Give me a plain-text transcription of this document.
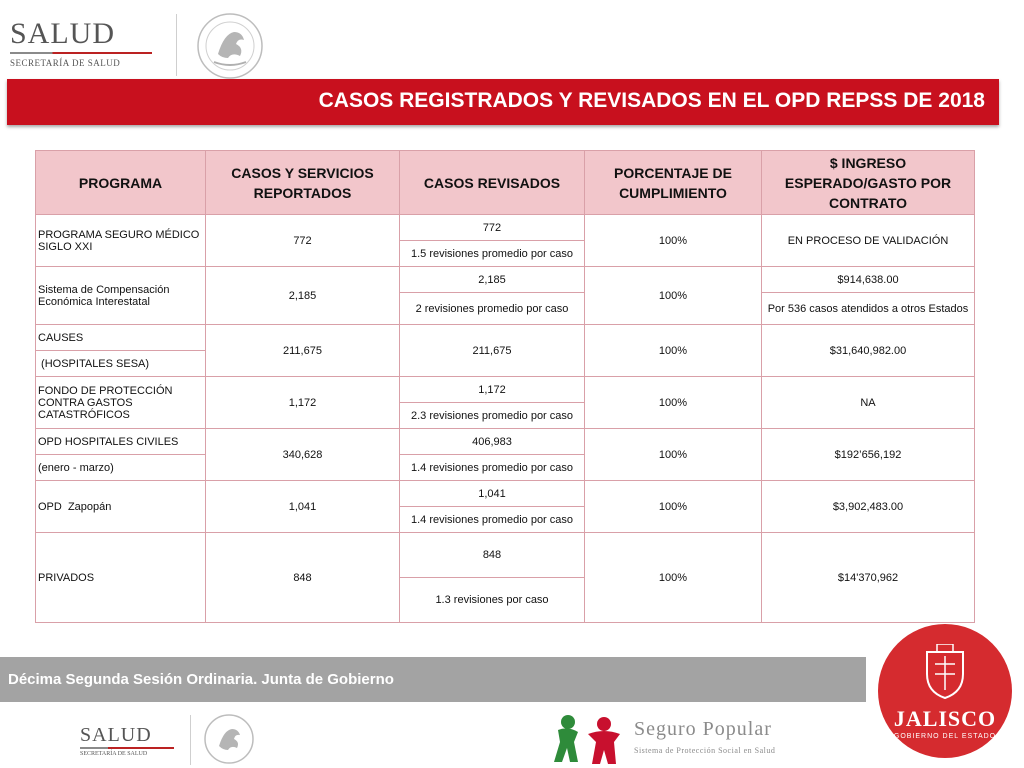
SALUD
SECRETARÍA DE SALUD
CASOS REGISTRADOS Y REVISADOS EN EL OPD REPSS DE 2018
PROGRAMA	CASOS Y SERVICIOS REPORTADOS	CASOS REVISADOS	PORCENTAJE DE CUMPLIMIENTO	$ INGRESO ESPERADO/GASTO POR CONTRATO
PROGRAMA SEGURO MÉDICO SIGLO XXI	772	772	100%	EN PROCESO DE VALIDACIÓN
		1.5 revisiones promedio por caso		
Sistema de Compensación Económica Interestatal	2,185	2,185	100%	$914,638.00
		2 revisiones promedio por caso		Por 536 casos atendidos a otros Estados
CAUSES	211,675	211,675	100%	$31,640,982.00
(HOSPITALES SESA)				
FONDO DE PROTECCIÓN CONTRA GASTOS CATASTRÓFICOS	1,172	1,172	100%	NA
		2.3 revisiones promedio por caso		
OPD HOSPITALES CIVILES	340,628	406,983	100%	$192’656,192
(enero - marzo)		1.4 revisiones promedio por caso		
OPD  Zapopán	1,041	1,041	100%	$3,902,483.00
		1.4 revisiones promedio por caso		
PRIVADOS	848	848	100%	$14'370,962
		1.3 revisiones por caso		
Décima Segunda Sesión Ordinaria. Junta de Gobierno
JALISCO
GOBIERNO DEL ESTADO
SALUD
SECRETARÍA DE SALUD
Seguro Popular
Sistema de Protección Social en Salud
